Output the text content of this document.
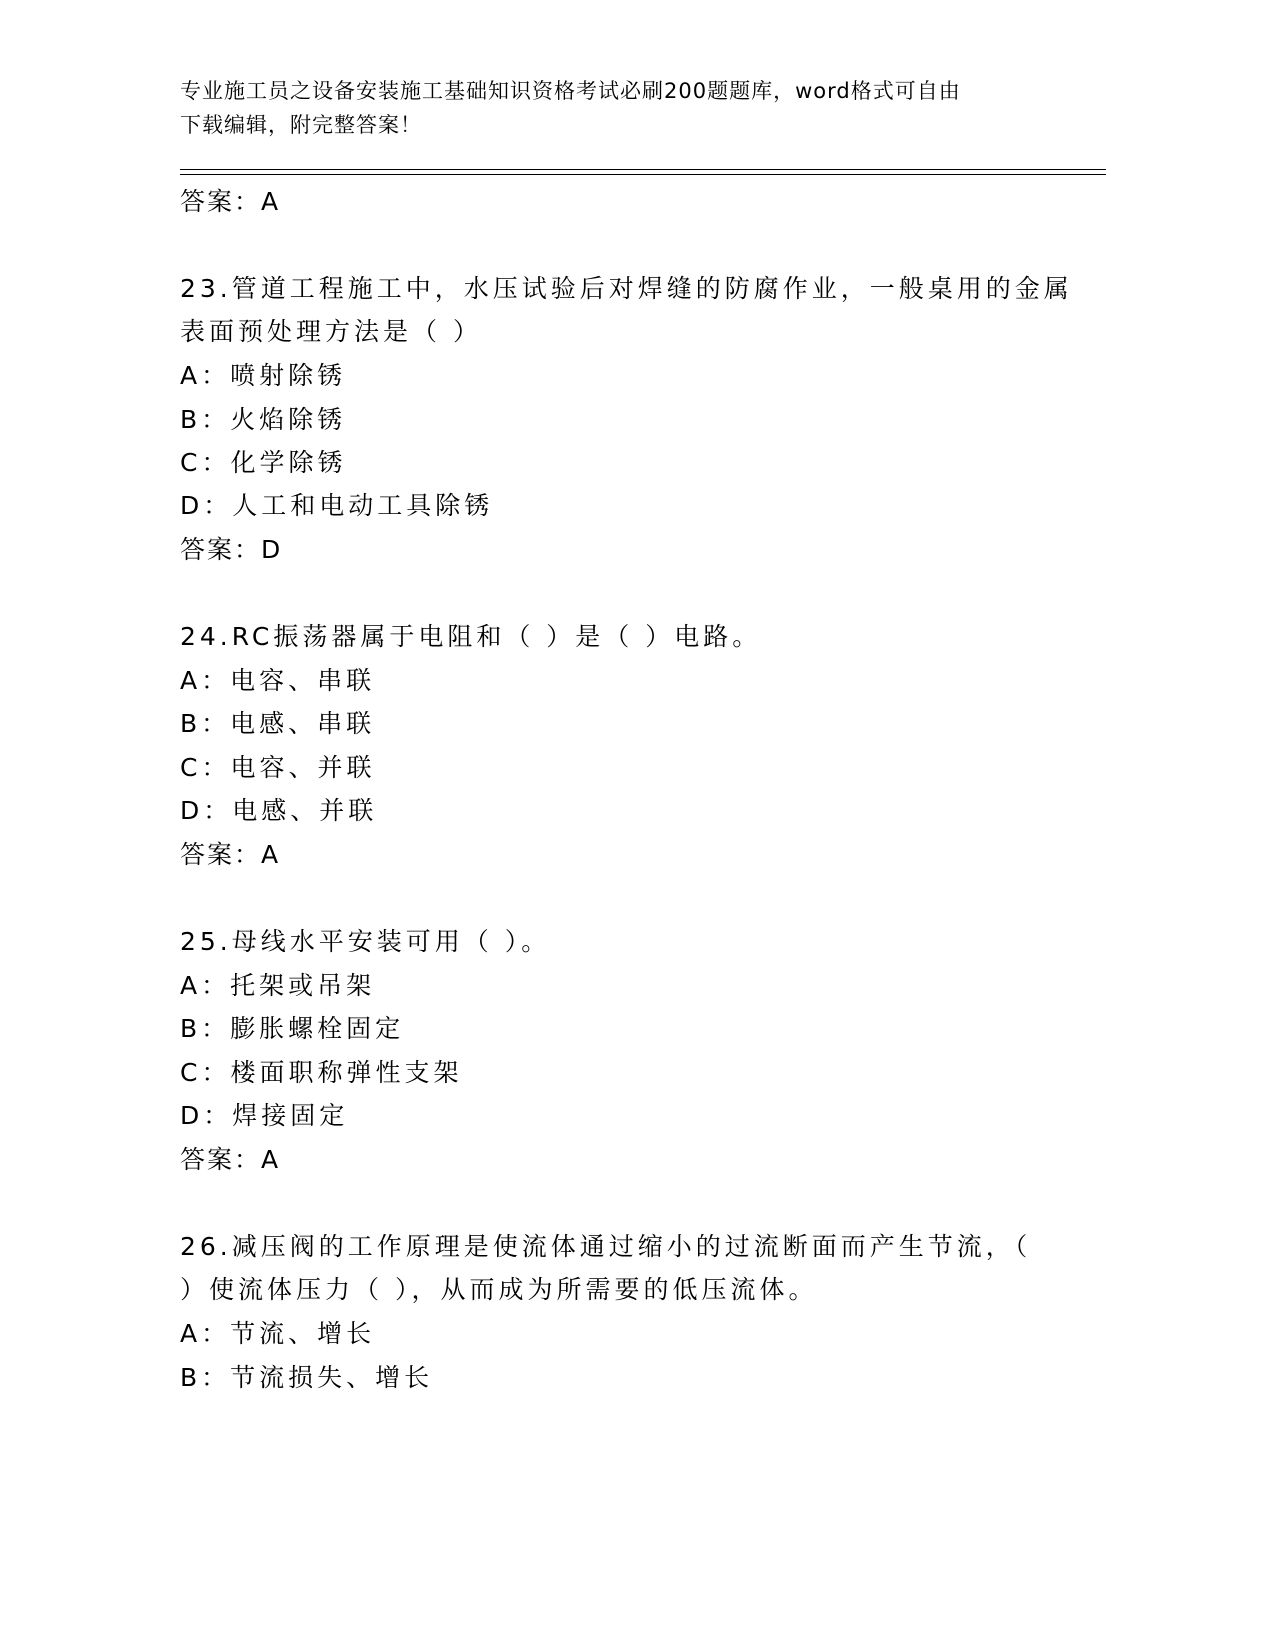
专业施工员之设备安装施工基础知识资格考试必刷200题题库，word格式可自由
下载编辑，附完整答案！
答案：A
23.管道工程施工中，水压试验后对焊缝的防腐作业，一般桌用的金属
表面预处理方法是（ ）
A：喷射除锈
B：火焰除锈
C：化学除锈
D：人工和电动工具除锈
答案：D
24.RC振荡器属于电阻和（ ）是（ ）电路。
A：电容、串联
B：电感、串联
C：电容、并联
D：电感、并联
答案：A
25.母线水平安装可用（ ）。
A：托架或吊架
B：膨胀螺栓固定
C：楼面职称弹性支架
D：焊接固定
答案：A
26.减压阀的工作原理是使流体通过缩小的过流断面而产生节流，（
）使流体压力（ ），从而成为所需要的低压流体。
A：节流、增长
B：节流损失、增长
